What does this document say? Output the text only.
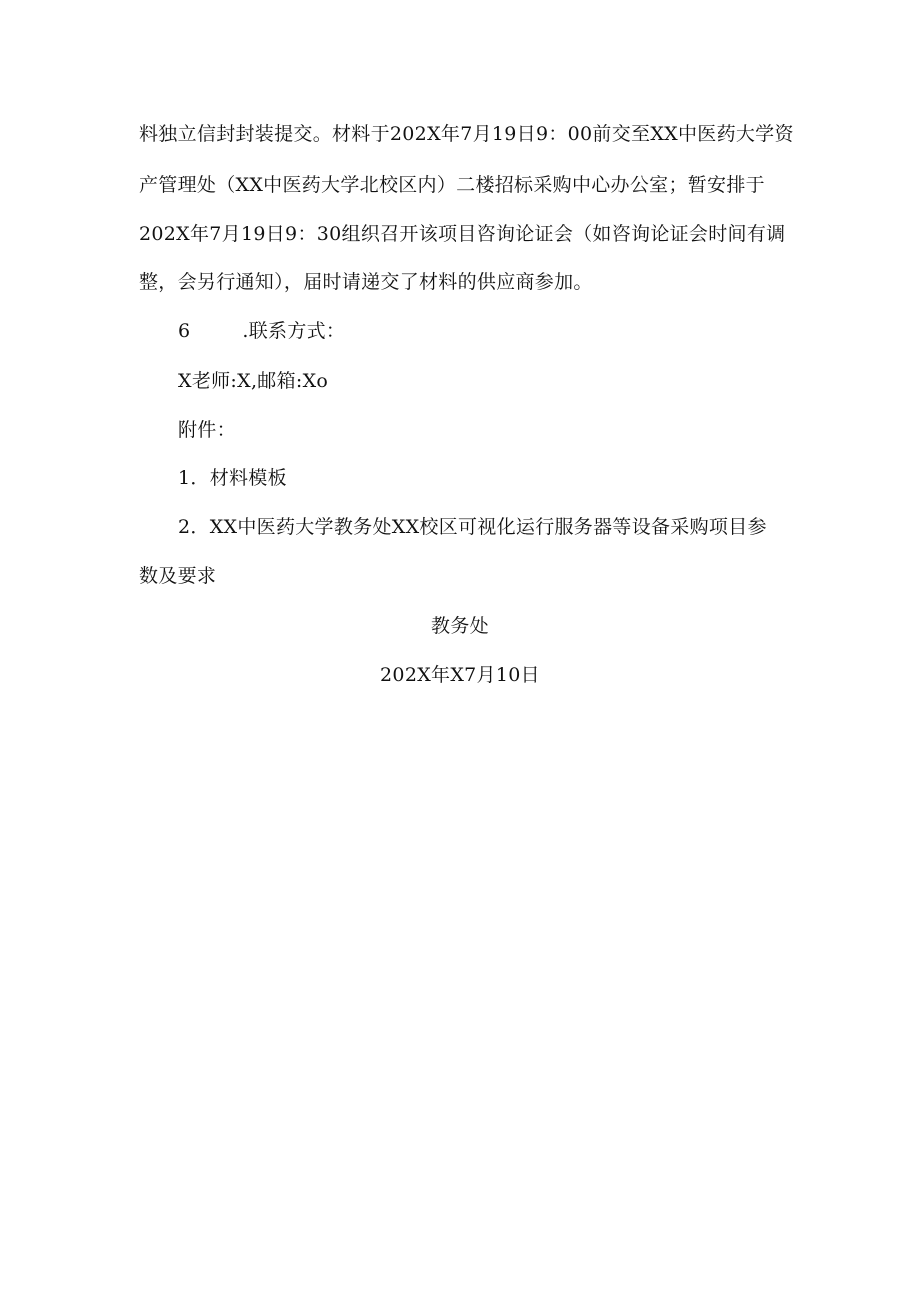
料独立信封封装提交。材料于202X年7月19日9：00前交至XX中医药大学资
产管理处（XX中医药大学北校区内）二楼招标采购中心办公室；暂安排于
202X年7月19日9：30组织召开该项目咨询论证会（如咨询论证会时间有调
整，会另行通知），届时请递交了材料的供应商参加。
6	.联系方式：
X老师:X,邮箱:Xo
附件：
1．材料模板
2．XX中医药大学教务处XX校区可视化运行服务器等设备采购项目参
数及要求
教务处
202X年X7月10日
